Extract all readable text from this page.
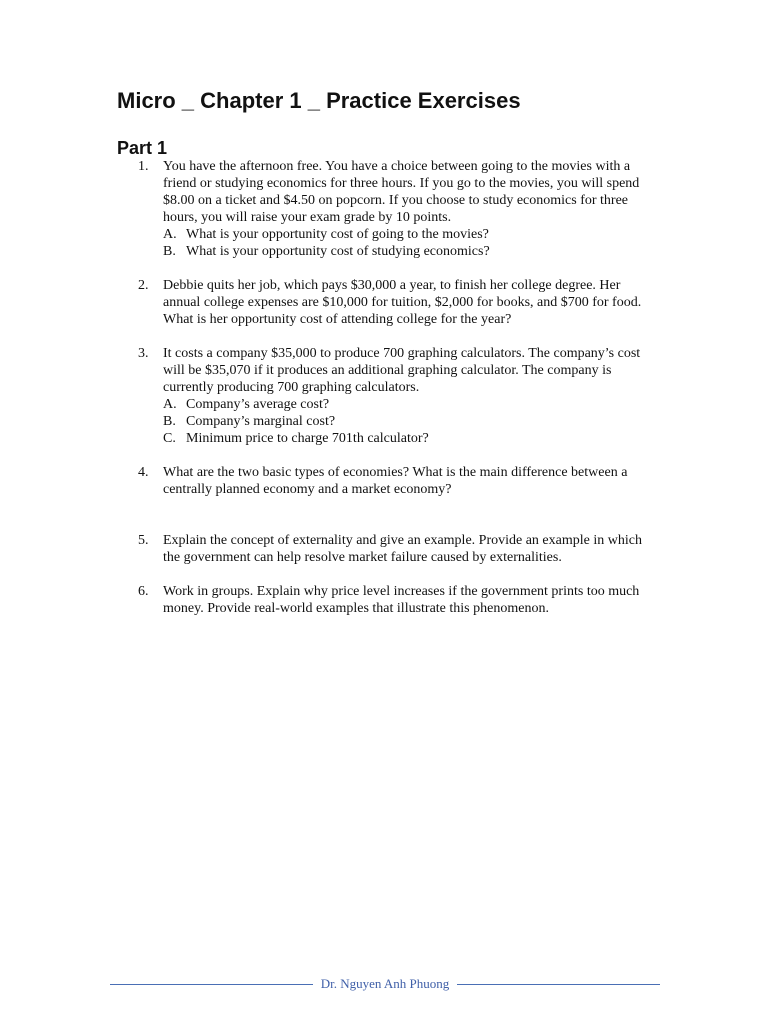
Micro _ Chapter 1 _ Practice Exercises
Part 1
1. You have the afternoon free. You have a choice between going to the movies with a friend or studying economics for three hours. If you go to the movies, you will spend $8.00 on a ticket and $4.50 on popcorn. If you choose to study economics for three hours, you will raise your exam grade by 10 points.
A. What is your opportunity cost of going to the movies?
B. What is your opportunity cost of studying economics?
2. Debbie quits her job, which pays $30,000 a year, to finish her college degree. Her annual college expenses are $10,000 for tuition, $2,000 for books, and $700 for food. What is her opportunity cost of attending college for the year?
3. It costs a company $35,000 to produce 700 graphing calculators. The company’s cost will be $35,070 if it produces an additional graphing calculator. The company is currently producing 700 graphing calculators.
A. Company’s average cost?
B. Company’s marginal cost?
C. Minimum price to charge 701th calculator?
4. What are the two basic types of economies? What is the main difference between a centrally planned economy and a market economy?
5. Explain the concept of externality and give an example. Provide an example in which the government can help resolve market failure caused by externalities.
6. Work in groups. Explain why price level increases if the government prints too much money. Provide real-world examples that illustrate this phenomenon.
Dr. Nguyen Anh Phuong
